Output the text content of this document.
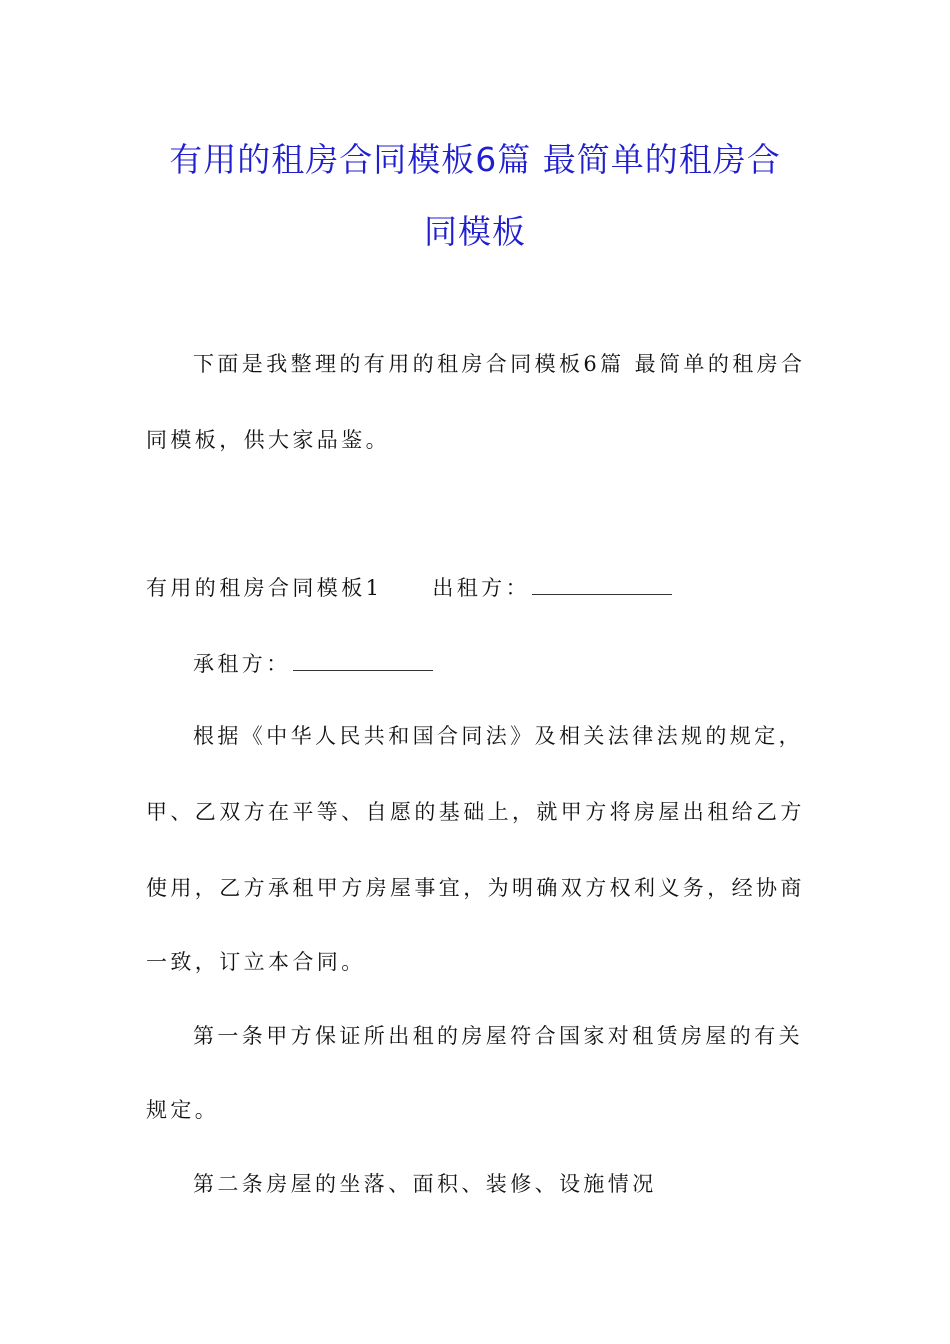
有用的租房合同模板6篇 最简单的租房合
同模板
下面是我整理的有用的租房合同模板6篇 最简单的租房合
同模板，供大家品鉴。
有用的租房合同模板1 出租方：
承租方：
根据《中华人民共和国合同法》及相关法律法规的规定，
甲、乙双方在平等、自愿的基础上，就甲方将房屋出租给乙方
使用，乙方承租甲方房屋事宜，为明确双方权利义务，经协商
一致，订立本合同。
第一条甲方保证所出租的房屋符合国家对租赁房屋的有关
规定。
第二条房屋的坐落、面积、装修、设施情况
